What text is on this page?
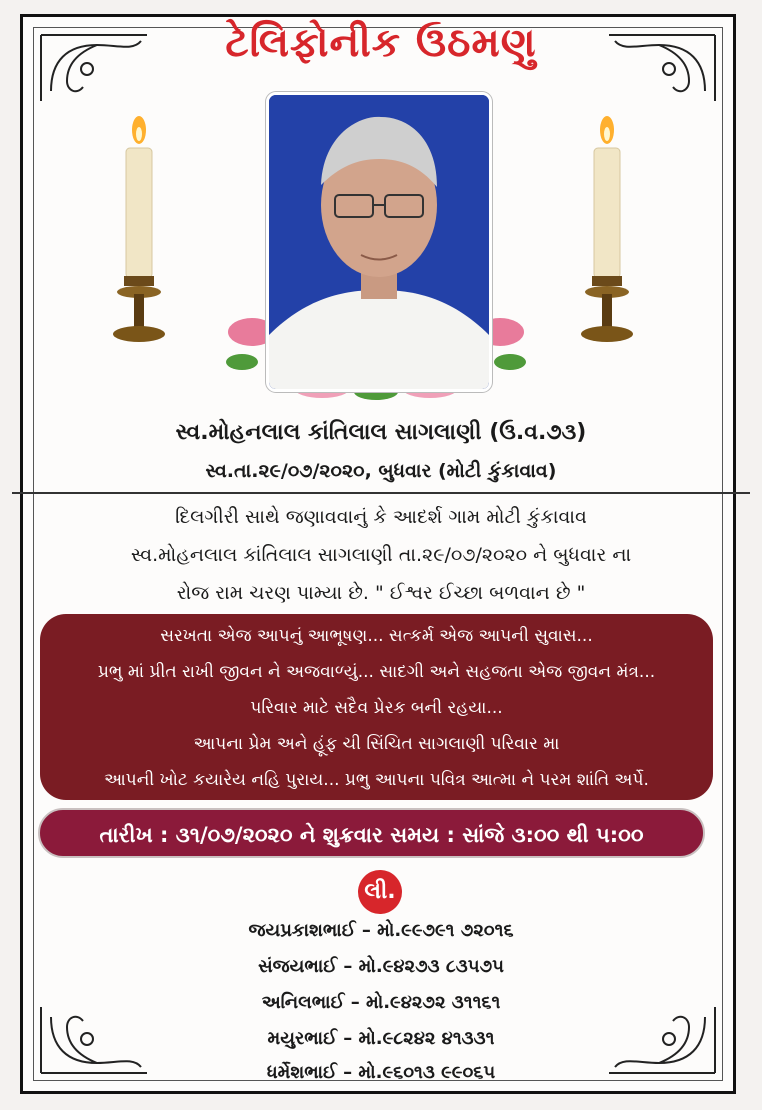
ટેલિફોનીક ઉઠમણુ
સ્વ.મોહનલાલ કાંતિલાલ સાગલાણી (ઉ.વ.૭૩)
સ્વ.તા.૨૯/૦૭/૨૦૨૦, બુધવાર (મોટી કુંકાવાવ)
દિલગીરી સાથે જણાવવાનું કે આદર્શ ગામ મોટી કુંકાવાવ
સ્વ.મોહનલાલ કાંતિલાલ સાગલાણી તા.૨૯/૦૭/૨૦૨૦ ને બુધવાર ના
રોજ રામ ચરણ પામ્યા છે. " ઈશ્વર ઈચ્છા બળવાન છે "
સરખતા એજ આપનું આભૂષણ... સત્કર્મ એજ આપની સુવાસ...
પ્રભુ માં પ્રીત રાખી જીવન ને અજવાળ્યું... સાદગી અને સહજતા એજ જીવન મંત્ર...
પરિવાર માટે સદૈવ પ્રેરક બની રહયા...
આપના પ્રેમ અને હૂંફ ચી સિંચિત સાગલાણી પરિવાર મા
આપની ખોટ કયારેય નહિ પુરાય... પ્રભુ આપના પવિત્ર આત્મા ને પરમ શાંતિ અર્પે.
તારીખ : ૩૧/૦૭/૨૦૨૦ ને શુક્રવાર સમય : સાંજે ૩:૦૦ થી ૫:૦૦
લી.
જયપ્રકાશભાઈ – મો.૯૯૭૯૧ ૭૨૦૧૬
સંજયભાઈ – મો.૯૪૨૭૩ ૮૩૫૭૫
અનિલભાઈ – મો.૯૪૨૭૨ ૩૧૧૬૧
મયુરભાઈ – મો.૯૮૨૪૨ ૪૧૩૩૧
ધર્મેશભાઈ – મો.૯૬૦૧૩ ૯૯૦૬૫
